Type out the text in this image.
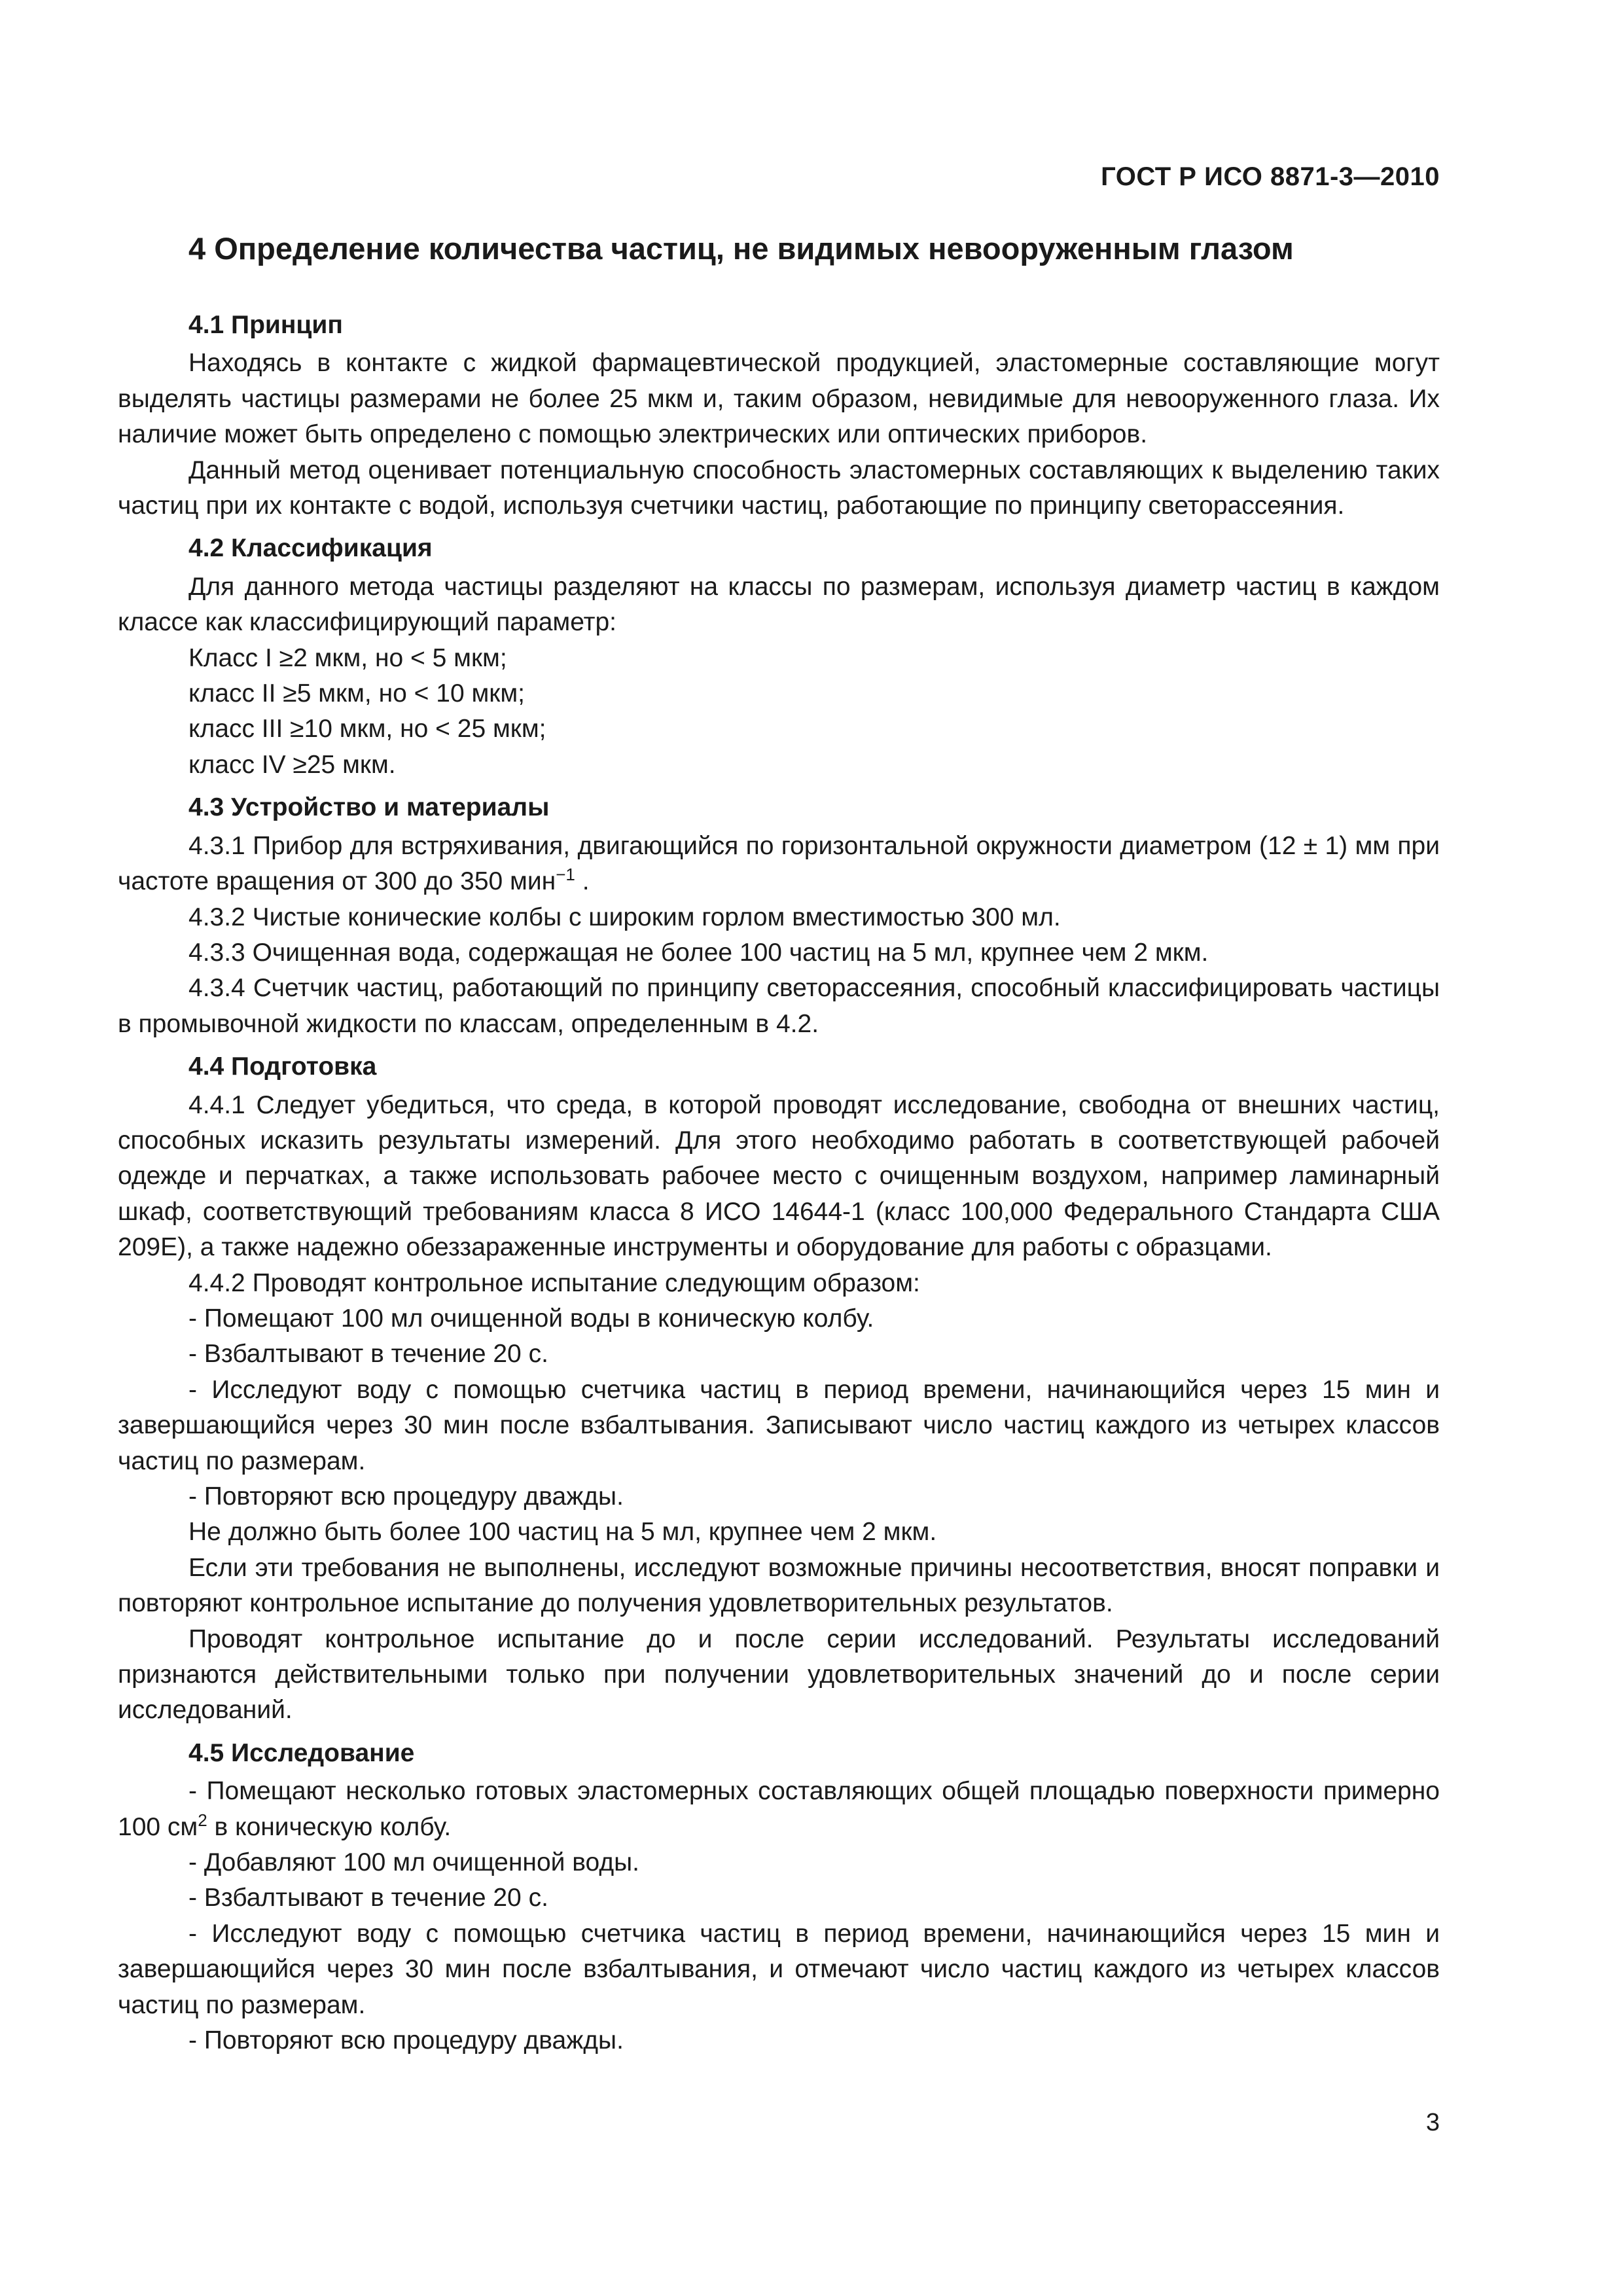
ГОСТ Р ИСО 8871-3—2010
4 Определение количества частиц, не видимых невооруженным глазом
4.1 Принцип

Находясь в контакте с жидкой фармацевтической продукцией, эластомерные составляющие могут выделять частицы размерами не более 25 мкм и, таким образом, невидимые для невооруженного глаза. Их наличие может быть определено с помощью электрических или оптических приборов.

Данный метод оценивает потенциальную способность эластомерных составляющих к выделению таких частиц при их контакте с водой, используя счетчики частиц, работающие по принципу светорассеяния.

4.2 Классификация

Для данного метода частицы разделяют на классы по размерам, используя диаметр частиц в каждом классе как классифицирующий параметр:

Класс I ≥2 мкм, но < 5 мкм;

класс II ≥5 мкм, но < 10 мкм;

класс III ≥10 мкм, но < 25 мкм;

класс IV ≥25 мкм.

4.3 Устройство и материалы

4.3.1 Прибор для встряхивания, двигающийся по горизонтальной окружности диаметром (12 ± 1) мм при частоте вращения от 300 до 350 мин$^{-1}$ .

4.3.2 Чистые конические колбы с широким горлом вместимостью 300 мл.

4.3.3 Очищенная вода, содержащая не более 100 частиц на 5 мл, крупнее чем 2 мкм.

4.3.4 Счетчик частиц, работающий по принципу светорассеяния, способный классифицировать частицы в промывочной жидкости по классам, определенным в 4.2.

4.4 Подготовка

4.4.1 Следует убедиться, что среда, в которой проводят исследование, свободна от внешних частиц, способных исказить результаты измерений. Для этого необходимо работать в соответствующей рабочей одежде и перчатках, а также использовать рабочее место с очищенным воздухом, например ламинарный шкаф, соответствующий требованиям класса 8 ИСО 14644-1 (класс 100,000 Федерального Стандарта США 209E), а также надежно обеззараженные инструменты и оборудование для работы с образцами.

4.4.2 Проводят контрольное испытание следующим образом:

- Помещают 100 мл очищенной воды в коническую колбу.

- Взбалтывают в течение 20 с.

- Исследуют воду с помощью счетчика частиц в период времени, начинающийся через 15 мин и завершающийся через 30 мин после взбалтывания. Записывают число частиц каждого из четырех классов частиц по размерам.

- Повторяют всю процедуру дважды.

Не должно быть более 100 частиц на 5 мл, крупнее чем 2 мкм.

Если эти требования не выполнены, исследуют возможные причины несоответствия, вносят поправки и повторяют контрольное испытание до получения удовлетворительных результатов.

Проводят контрольное испытание до и после серии исследований. Результаты исследований признаются действительными только при получении удовлетворительных значений до и после серии исследований.

4.5 Исследование

- Помещают несколько готовых эластомерных составляющих общей площадью поверхности примерно 100 $см^2$ в коническую колбу.

- Добавляют 100 мл очищенной воды.

- Взбалтывают в течение 20 с.

- Исследуют воду с помощью счетчика частиц в период времени, начинающийся через 15 мин и завершающийся через 30 мин после взбалтывания, и отмечают число частиц каждого из четырех классов частиц по размерам.

- Повторяют всю процедуру дважды.

3
